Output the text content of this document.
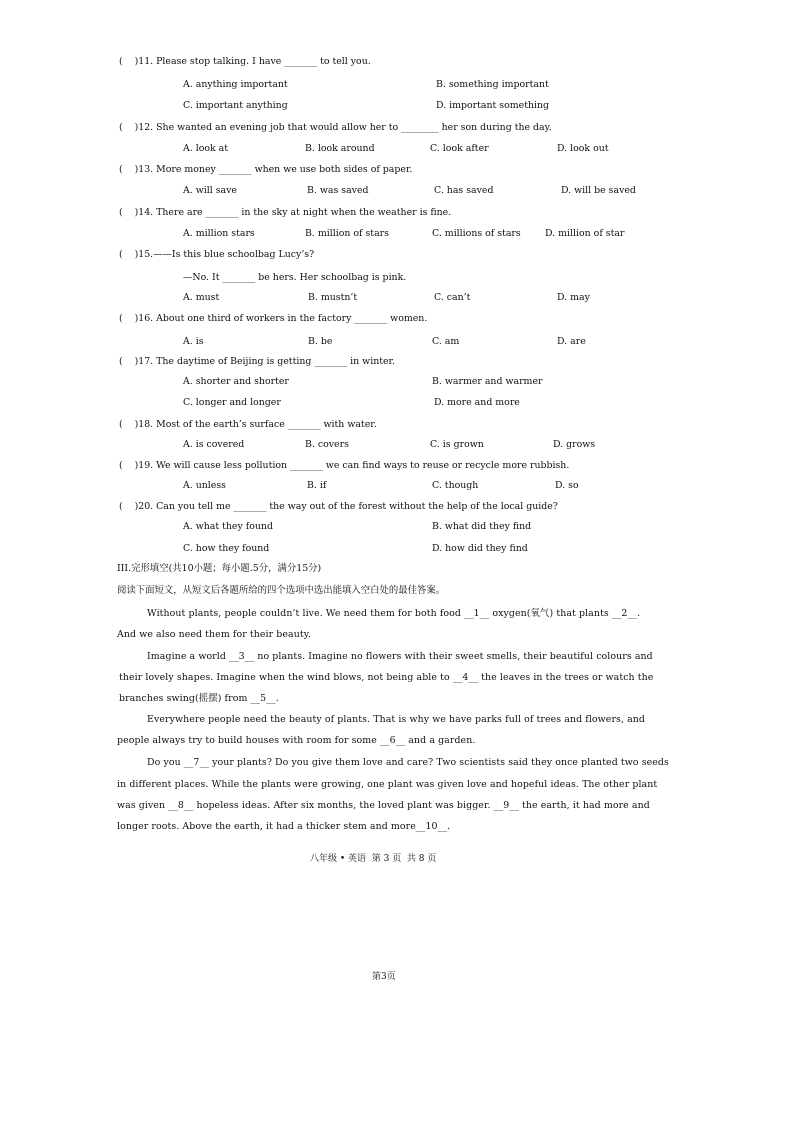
(    )11. Please stop talking. I have _______ to tell you.
A. anything important	B. something important
C. important anything	D. important something
(    )12. She wanted an evening job that would allow her to ________ her son during the day.
A. look at	B. look around	C. look after	D. look out
(    )13. More money _______ when we use both sides of paper.
A. will save	B. was saved	C. has saved	D. will be saved
(    )14. There are _______ in the sky at night when the weather is fine.
A. million stars	B. million of stars	C. millions of stars	D. million of star
(    )15.——Is this blue schoolbag Lucy’s?
—No. It _______ be hers. Her schoolbag is pink.
A. must	B. mustn’t	C. can’t	D. may
(    )16. About one third of workers in the factory _______ women.
A. is	B. be	C. am	D. are
(    )17. The daytime of Beijing is getting _______ in winter.
A. shorter and shorter	B. warmer and warmer
C. longer and longer	D. more and more
(    )18. Most of the earth’s surface _______ with water.
A. is covered	B. covers	C. is grown	D. grows
(    )19. We will cause less pollution _______ we can find ways to reuse or recycle more rubbish.
A. unless	B. if	C. though	D. so
(    )20. Can you tell me _______ the way out of the forest without the help of the local guide?
A. what they found	B. what did they find
C. how they found	D. how did they find
III.完形填空(共10小题；每小题.5分，满分15分)
阅读下面短文，从短文后各题所给的四个选项中选出能填入空白处的最佳答案。
Without plants, people couldn’t live. We need them for both food __1__ oxygen(氧气) that plants __2__.
And we also need them for their beauty.
Imagine a world __3__ no plants. Imagine no flowers with their sweet smells, their beautiful colours and
their lovely shapes. Imagine when the wind blows, not being able to __4__ the leaves in the trees or watch the
branches swing(摇摆) from __5__.
Everywhere people need the beauty of plants. That is why we have parks full of trees and flowers, and
people always try to build houses with room for some __6__ and a garden.
Do you __7__ your plants? Do you give them love and care? Two scientists said they once planted two seeds
in different places. While the plants were growing, one plant was given love and hopeful ideas. The other plant
was given __8__ hopeless ideas. After six months, the loved plant was bigger. __9__ the earth, it had more and
longer roots. Above the earth, it had a thicker stem and more__10__.
八年级 • 英语  第 3 页  共 8 页
第3页
